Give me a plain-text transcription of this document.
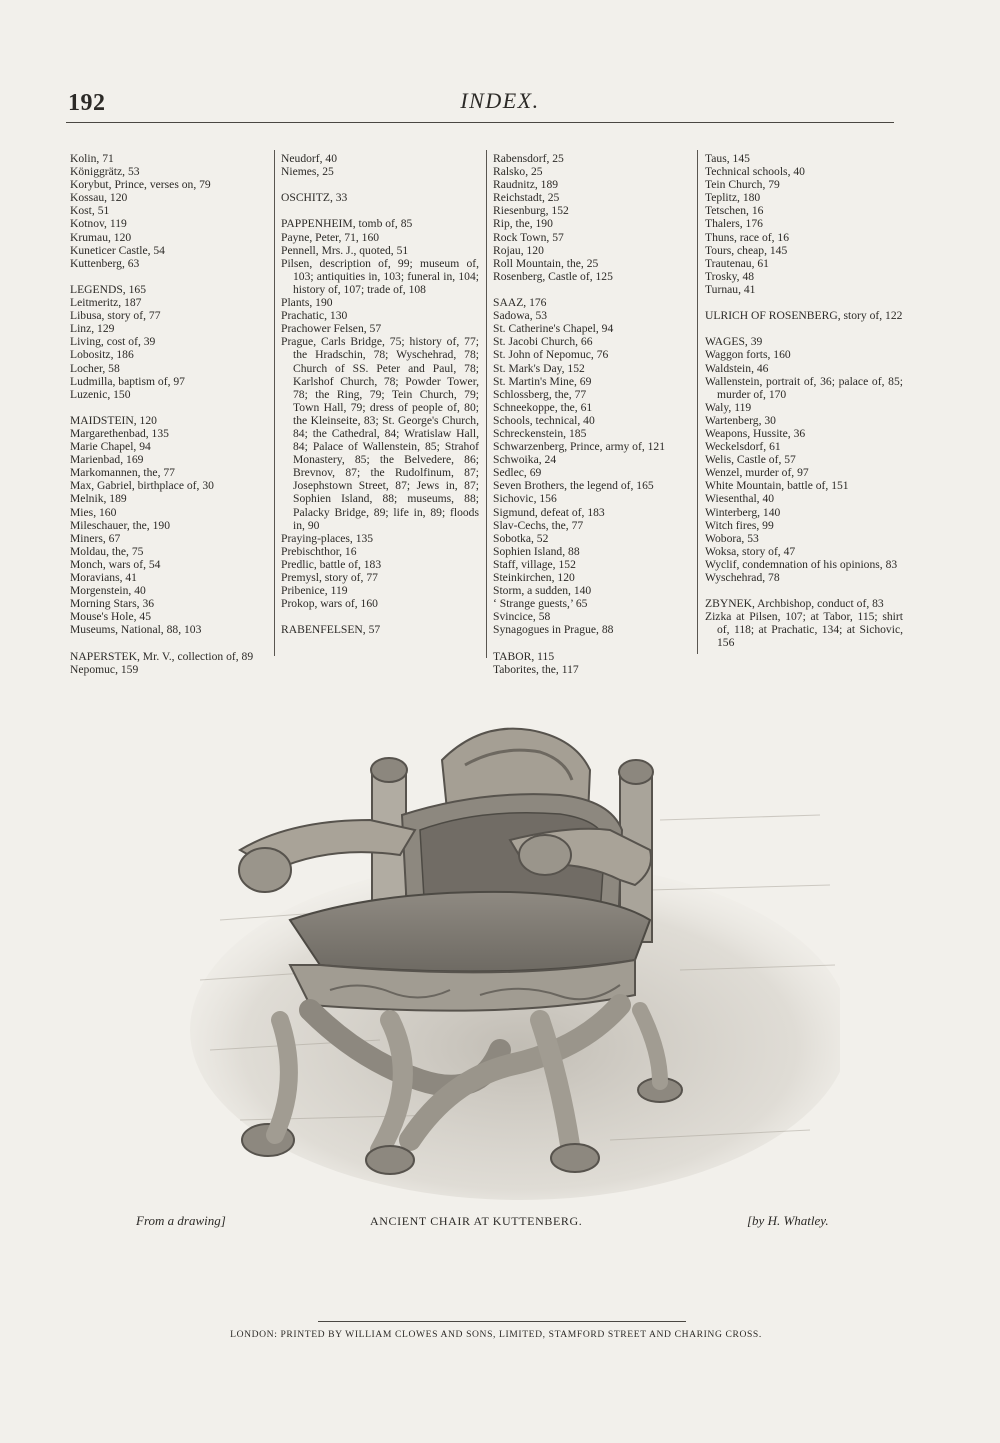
192	INDEX.
Kolin, 71
Königgrätz, 53
Korybut, Prince, verses on, 79
Kossau, 120
Kost, 51
Kotnov, 119
Krumau, 120
Kuneticer Castle, 54
Kuttenberg, 63
LEGENDS, 165
Leitmeritz, 187
Libusa, story of, 77
Linz, 129
Living, cost of, 39
Lobositz, 186
Locher, 58
Ludmilla, baptism of, 97
Luzenic, 150
MAIDSTEIN, 120
Margarethenbad, 135
Marie Chapel, 94
Marienbad, 169
Markomannen, the, 77
Max, Gabriel, birthplace of, 30
Melnik, 189
Mies, 160
Mileschauer, the, 190
Miners, 67
Moldau, the, 75
Monch, wars of, 54
Moravians, 41
Morgenstein, 40
Morning Stars, 36
Mouse's Hole, 45
Museums, National, 88, 103
NAPERSTEK, Mr. V., collection of, 89
Nepomuc, 159
Neudorf, 40
Niemes, 25
OSCHITZ, 33
PAPPENHEIM, tomb of, 85
Payne, Peter, 71, 160
Pennell, Mrs. J., quoted, 51
Pilsen, description of, 99; museum of, 103; antiquities in, 103; funeral in, 104; history of, 107; trade of, 108
Plants, 190
Prachatic, 130
Prachower Felsen, 57
Prague, Carls Bridge, 75; history of, 77; the Hradschin, 78; Wyschehrad, 78; Church of SS. Peter and Paul, 78; Karlshof Church, 78; Powder Tower, 78; the Ring, 79; Tein Church, 79; Town Hall, 79; dress of people of, 80; the Kleinseite, 83; St. George's Church, 84; the Cathedral, 84; Wratislaw Hall, 84; Palace of Wallenstein, 85; Strahof Monastery, 85; the Belvedere, 86; Brevnov, 87; the Rudolfinum, 87; Josephstown Street, 87; Jews in, 87; Sophien Island, 88; museums, 88; Palacky Bridge, 89; life in, 89; floods in, 90
Praying-places, 135
Prebischthor, 16
Predlic, battle of, 183
Premysl, story of, 77
Pribenice, 119
Prokop, wars of, 160
RABENFELSEN, 57
Rabensdorf, 25
Ralsko, 25
Raudnitz, 189
Reichstadt, 25
Riesenburg, 152
Rip, the, 190
Rock Town, 57
Rojau, 120
Roll Mountain, the, 25
Rosenberg, Castle of, 125
SAAZ, 176
Sadowa, 53
St. Catherine's Chapel, 94
St. Jacobi Church, 66
St. John of Nepomuc, 76
St. Mark's Day, 152
St. Martin's Mine, 69
Schlossberg, the, 77
Schneekoppe, the, 61
Schools, technical, 40
Schreckenstein, 185
Schwarzenberg, Prince, army of, 121
Schwoika, 24
Sedlec, 69
Seven Brothers, the legend of, 165
Sichovic, 156
Sigmund, defeat of, 183
Slav-Cechs, the, 77
Sobotka, 52
Sophien Island, 88
Staff, village, 152
Steinkirchen, 120
Storm, a sudden, 140
‘ Strange guests,’ 65
Svincice, 58
Synagogues in Prague, 88
TABOR, 115
Taborites, the, 117
Taus, 145
Technical schools, 40
Tein Church, 79
Teplitz, 180
Tetschen, 16
Thalers, 176
Thuns, race of, 16
Tours, cheap, 145
Trautenau, 61
Trosky, 48
Turnau, 41
ULRICH OF ROSENBERG, story of, 122
WAGES, 39
Waggon forts, 160
Waldstein, 46
Wallenstein, portrait of, 36; palace of, 85; murder of, 170
Waly, 119
Wartenberg, 30
Weapons, Hussite, 36
Weckelsdorf, 61
Welis, Castle of, 57
Wenzel, murder of, 97
White Mountain, battle of, 151
Wiesenthal, 40
Winterberg, 140
Witch fires, 99
Wobora, 53
Woksa, story of, 47
Wyclif, condemnation of his opinions, 83
Wyschehrad, 78
ZBYNEK, Archbishop, conduct of, 83
Zizka at Pilsen, 107; at Tabor, 115; shirt of, 118; at Prachatic, 134; at Sichovic, 156
From a drawing]	ANCIENT CHAIR AT KUTTENBERG.	[by H. Whatley.
LONDON: PRINTED BY WILLIAM CLOWES AND SONS, LIMITED, STAMFORD STREET AND CHARING CROSS.
